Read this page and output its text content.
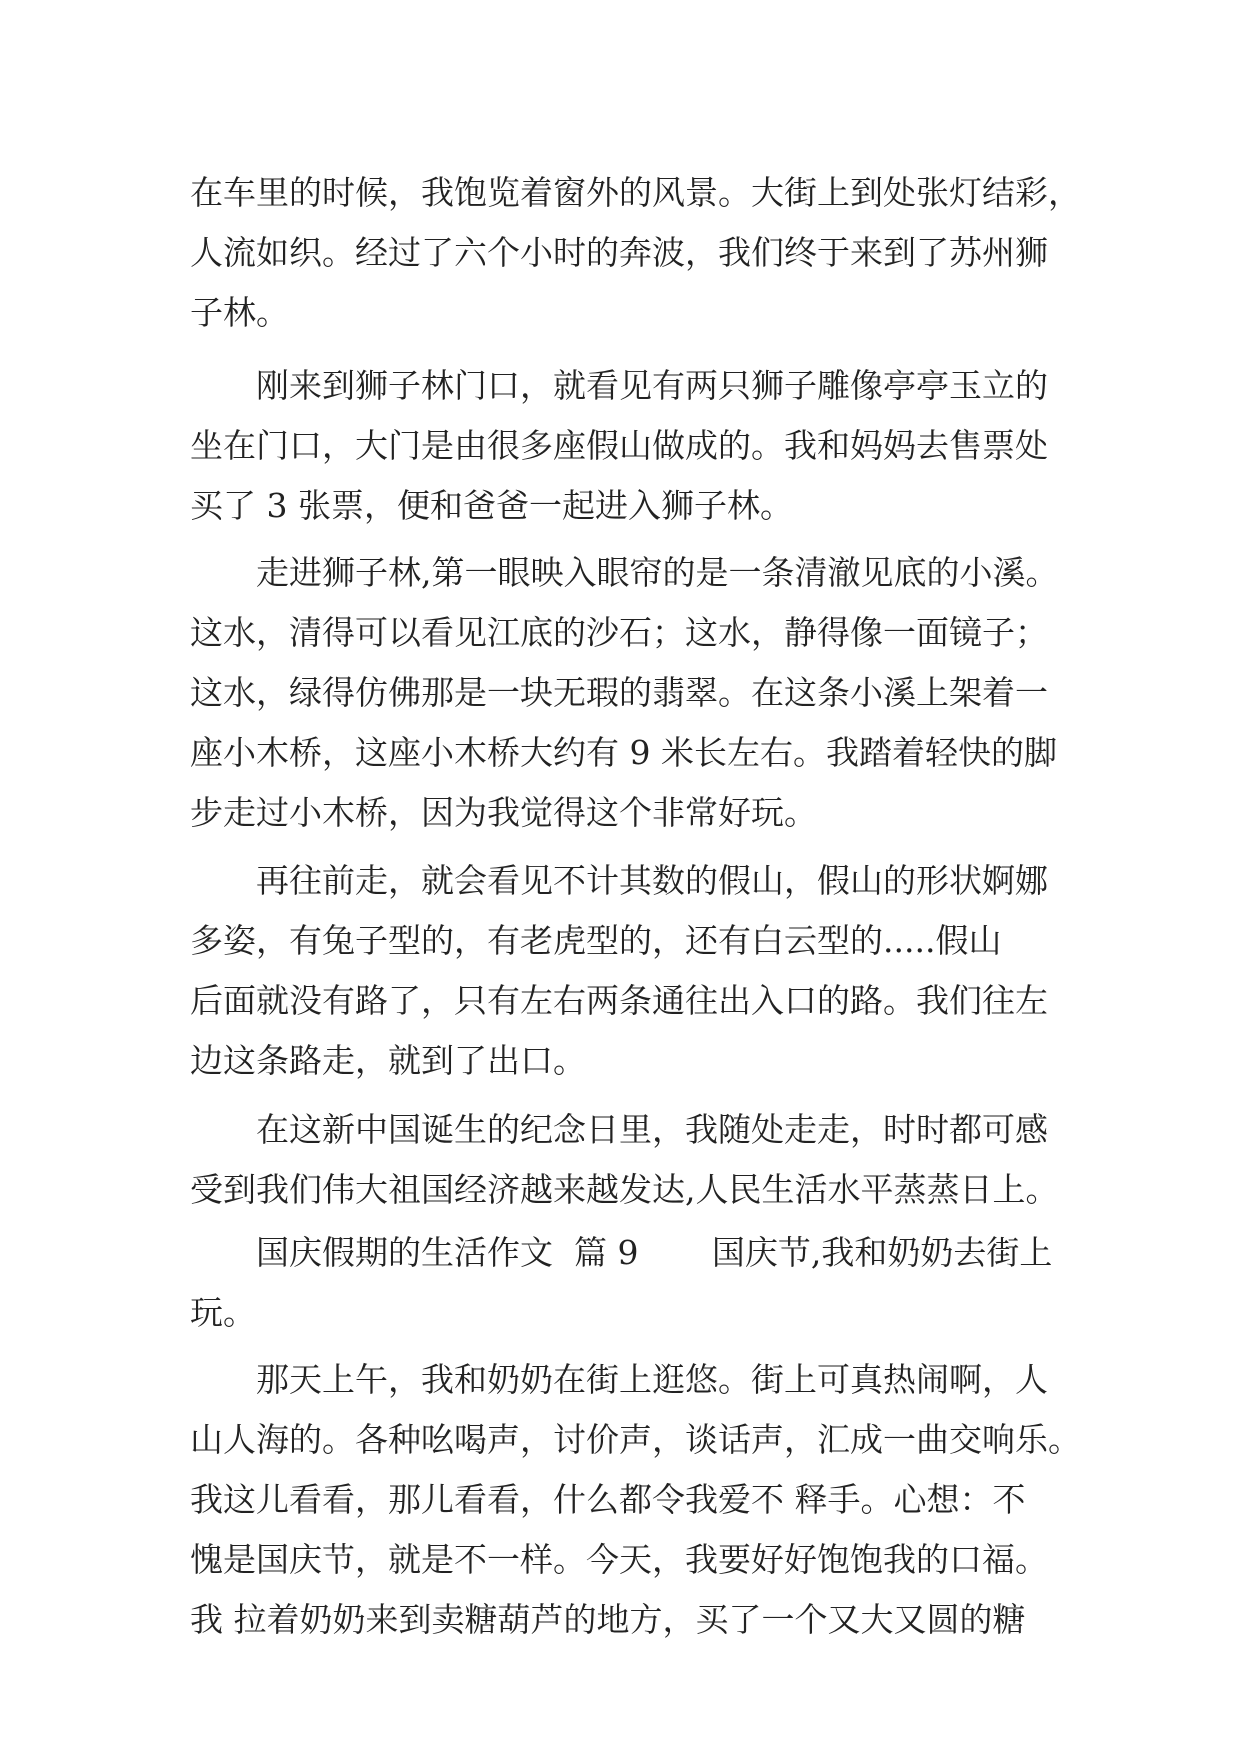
在车里的时候，我饱览着窗外的风景。大街上到处张灯结彩，
人流如织。经过了六个小时的奔波，我们终于来到了苏州狮
子林。
刚来到狮子林门口，就看见有两只狮子雕像亭亭玉立的
坐在门口，大门是由很多座假山做成的。我和妈妈去售票处
买了 3 张票，便和爸爸一起进入狮子林。
走进狮子林,第一眼映入眼帘的是一条清澈见底的小溪。
这水，清得可以看见江底的沙石；这水，静得像一面镜子；
这水，绿得仿佛那是一块无瑕的翡翠。在这条小溪上架着一
座小木桥，这座小木桥大约有 9 米长左右。我踏着轻快的脚
步走过小木桥，因为我觉得这个非常好玩。
再往前走，就会看见不计其数的假山，假山的形状婀娜
多姿，有兔子型的，有老虎型的，还有白云型的.....假山
后面就没有路了，只有左右两条通往出入口的路。我们往左
边这条路走，就到了出口。
在这新中国诞生的纪念日里，我随处走走，时时都可感
受到我们伟大祖国经济越来越发达,人民生活水平蒸蒸日上。
国庆假期的生活作文  篇 9       国庆节,我和奶奶去街上
玩。
那天上午，我和奶奶在街上逛悠。街上可真热闹啊，人
山人海的。各种吆喝声，讨价声，谈话声，汇成一曲交响乐。
我这儿看看，那儿看看，什么都令我爱不 释手。心想：不
愧是国庆节，就是不一样。今天，我要好好饱饱我的口福。
我 拉着奶奶来到卖糖葫芦的地方，买了一个又大又圆的糖
